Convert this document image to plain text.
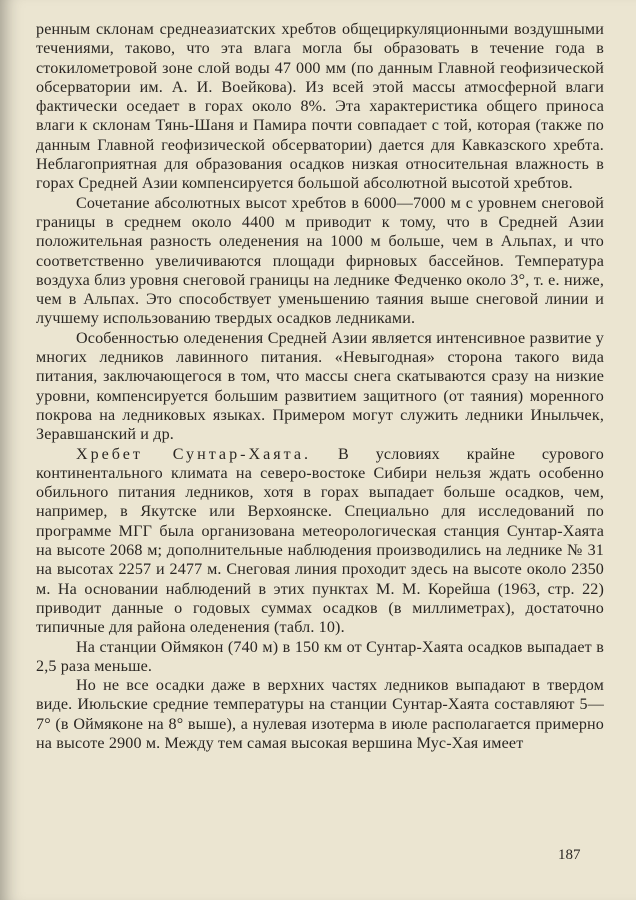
ренным склонам среднеазиатских хребтов общециркуляционными воздушными течениями, таково, что эта влага могла бы образовать в течение года в стокилометровой зоне слой воды 47 000 мм (по данным Главной геофизической обсерватории им. А. И. Воейкова). Из всей этой массы атмосферной влаги фактически оседает в горах около 8%. Эта характеристика общего приноса влаги к склонам Тянь-Шаня и Памира почти совпадает с той, которая (также по данным Главной геофизической обсерватории) дается для Кавказского хребта. Неблагоприятная для образования осадков низкая относительная влажность в горах Средней Азии компенсируется большой абсолютной высотой хребтов.

Сочетание абсолютных высот хребтов в 6000—7000 м с уровнем снеговой границы в среднем около 4400 м приводит к тому, что в Средней Азии положительная разность оледенения на 1000 м больше, чем в Альпах, и что соответственно увеличиваются площади фирновых бассейнов. Температура воздуха близ уровня снеговой границы на леднике Федченко около 3°, т. е. ниже, чем в Альпах. Это способствует уменьшению таяния выше снеговой линии и лучшему использованию твердых осадков ледниками.

Особенностью оледенения Средней Азии является интенсивное развитие у многих ледников лавинного питания. «Невыгодная» сторона такого вида питания, заключающегося в том, что массы снега скатываются сразу на низкие уровни, компенсируется большим развитием защитного (от таяния) моренного покрова на ледниковых языках. Примером могут служить ледники Иныльчек, Зеравшанский и др.

Хребет Сунтар-Хаята. В условиях крайне сурового континентального климата на северо-востоке Сибири нельзя ждать особенно обильного питания ледников, хотя в горах выпадает больше осадков, чем, например, в Якутске или Верхоянске. Специально для исследований по программе МГГ была организована метеорологическая станция Сунтар-Хаята на высоте 2068 м; дополнительные наблюдения производились на леднике № 31 на высотах 2257 и 2477 м. Снеговая линия проходит здесь на высоте около 2350 м. На основании наблюдений в этих пунктах М. М. Корейша (1963, стр. 22) приводит данные о годовых суммах осадков (в миллиметрах), достаточно типичные для района оледенения (табл. 10).

На станции Оймякон (740 м) в 150 км от Сунтар-Хаята осадков выпадает в 2,5 раза меньше.

Но не все осадки даже в верхних частях ледников выпадают в твердом виде. Июльские средние температуры на станции Сунтар-Хаята составляют 5—7° (в Оймяконе на 8° выше), а нулевая изотерма в июле располагается примерно на высоте 2900 м. Между тем самая высокая вершина Мус-Хая имеет

187
